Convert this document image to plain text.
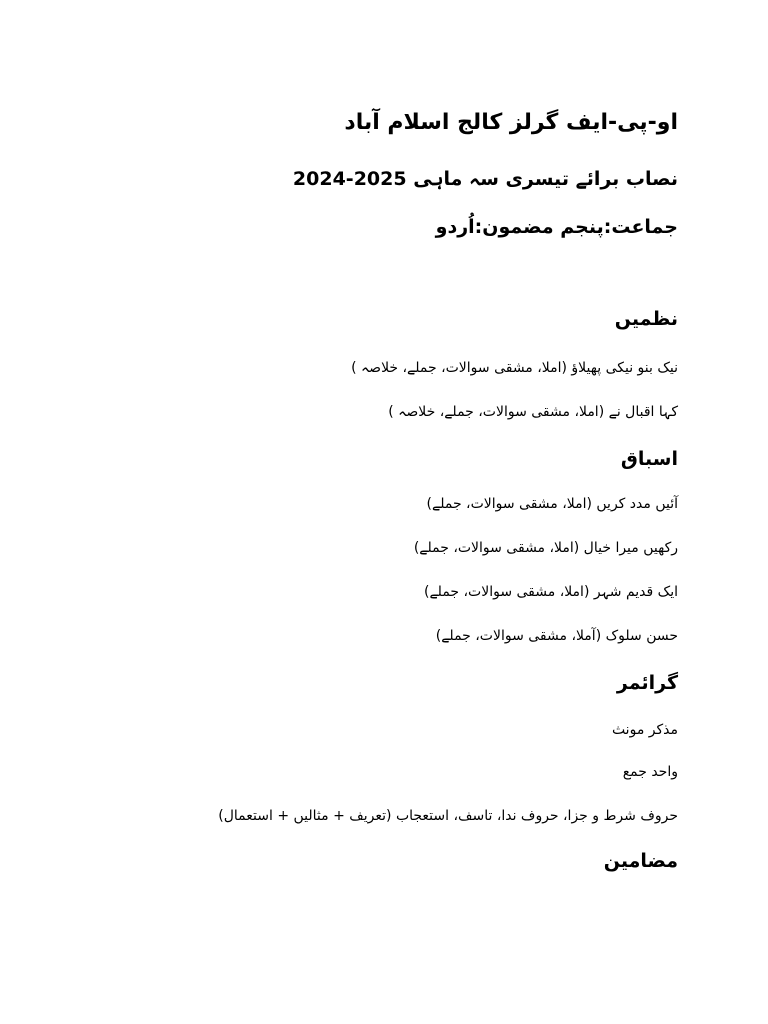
او-پی-ایف گرلز کالج اسلام آباد
نصاب برائے تیسری سہ ماہی 2025-2024
جماعت:پنجم مضمون:اُردو
نظمیں
نیک بنو نیکی پھیلاؤ (املا، مشقی سوالات، جملے، خلاصہ )
کہا اقبال نے (املا، مشقی سوالات، جملے، خلاصہ )
اسباق
آئیں مدد کریں (املا، مشقی سوالات، جملے)
رکھیں میرا خیال (املا، مشقی سوالات، جملے)
ایک قدیم شہر (املا، مشقی سوالات، جملے)
حسن سلوک (آملا، مشقی سوالات، جملے)
گرائمر
مذکر مونث
واحد جمع
حروف شرط و جزا، حروف ندا، تاسف، استعجاب (تعریف + مثالیں + استعمال)
مضامین
